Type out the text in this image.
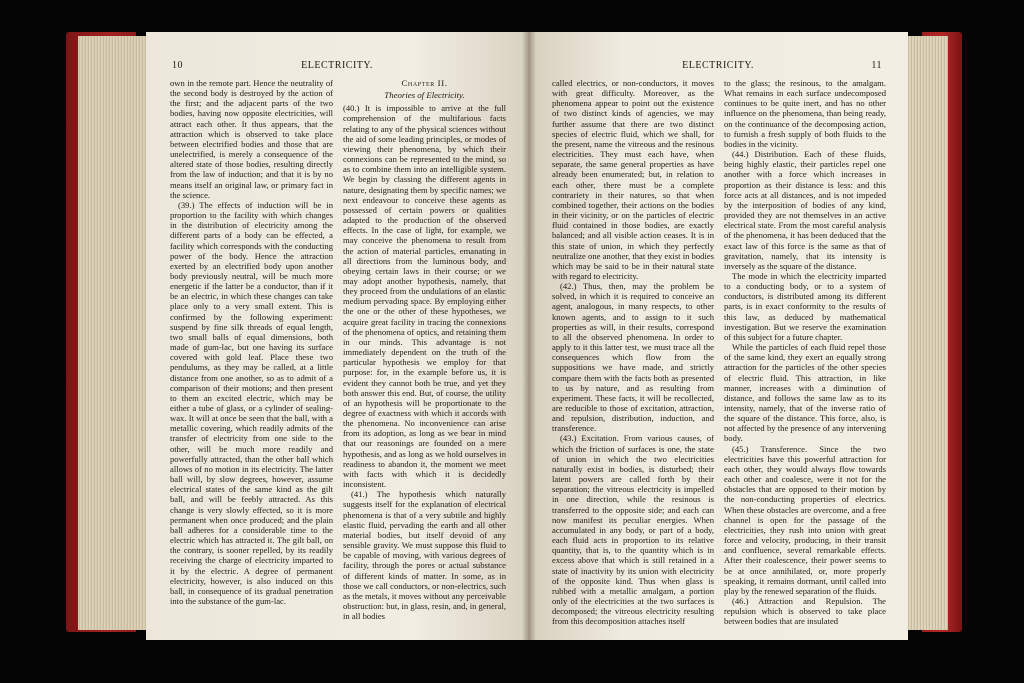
10	ELECTRICITY.

own in the remote part. Hence the neutrality of the second body is destroyed by the action of the first; and the adjacent parts of the two bodies, having now opposite electricities, will attract each other. It thus appears, that the attraction which is observed to take place between electrified bodies and those that are unelectrified, is merely a consequence of the altered state of those bodies, resulting directly from the law of induction; and that it is by no means itself an original law, or primary fact in the science.

(39.) The effects of induction will be in proportion to the facility with which changes in the distribution of electricity among the different parts of a body can be effected, a facility which corresponds with the conducting power of the body. Hence the attraction exerted by an electrified body upon another body previously neutral, will be much more energetic if the latter be a conductor, than if it be an electric, in which these changes can take place only to a very small extent. This is confirmed by the following experiment: suspend by fine silk threads of equal length, two small balls of equal dimensions, both made of gum-lac, but one having its surface covered with gold leaf. Place these two pendulums, as they may be called, at a little distance from one another, so as to admit of a comparison of their motions; and then present to them an excited electric, which may be either a tube of glass, or a cylinder of sealing-wax. It will at once be seen that the ball, with a metallic covering, which readily admits of the transfer of electricity from one side to the other, will be much more readily and powerfully attracted, than the other ball which allows of no motion in its electricity. The latter ball will, by slow degrees, however, assume electrical states of the same kind as the gilt ball, and will be feebly attracted. As this change is very slowly effected, so it is more permanent when once produced; and the plain ball adheres for a considerable time to the electric which has attracted it. The gilt ball, on the contrary, is sooner repelled, by its readily receiving the charge of electricity imparted to it by the electric. A degree of permanent electricity, however, is also induced on this ball, in consequence of its gradual penetration into the substance of the gum-lac.

Chapter II.
Theories of Electricity.

(40.) It is impossible to arrive at the full comprehension of the multifarious facts relating to any of the physical sciences without the aid of some leading principles, or modes of viewing their phenomena, by which their connexions can be represented to the mind, so as to combine them into an intelligible system. We begin by classing the different agents in nature, designating them by specific names; we next endeavour to conceive these agents as possessed of certain powers or qualities adapted to the production of the observed effects. In the case of light, for example, we may conceive the phenomena to result from the action of material particles, emanating in all directions from the luminous body, and obeying certain laws in their course; or we may adopt another hypothesis, namely, that they proceed from the undulations of an elastic medium pervading space. By employing either the one or the other of these hypotheses, we acquire great facility in tracing the connexions of the phenomena of optics, and retaining them in our minds. This advantage is not immediately dependent on the truth of the particular hypothesis we employ for that purpose: for, in the example before us, it is evident they cannot both be true, and yet they both answer this end. But, of course, the utility of an hypothesis will be proportionate to the degree of exactness with which it accords with the phenomena. No inconvenience can arise from its adoption, as long as we bear in mind that our reasonings are founded on a mere hypothesis, and as long as we hold ourselves in readiness to abandon it, the moment we meet with facts with which it is decidedly inconsistent.

(41.) The hypothesis which naturally suggests itself for the explanation of electrical phenomena is that of a very subtile and highly elastic fluid, pervading the earth and all other material bodies, but itself devoid of any sensible gravity. We must suppose this fluid to be capable of moving, with various degrees of facility, through the pores or actual substance of different kinds of matter. In some, as in those we call conductors, or non-electrics, such as the metals, it moves without any perceivable obstruction: but, in glass, resin, and, in general, in all bodies

ELECTRICITY.	11

called electrics, or non-conductors, it moves with great difficulty. Moreover, as the phenomena appear to point out the existence of two distinct kinds of agencies, we may further assume that there are two distinct species of electric fluid, which we shall, for the present, name the vitreous and the resinous electricities. They must each have, when separate, the same general properties as have already been enumerated; but, in relation to each other, there must be a complete contrariety in their natures, so that when combined together, their actions on the bodies in their vicinity, or on the particles of electric fluid contained in those bodies, are exactly balanced; and all visible action ceases. It is in this state of union, in which they perfectly neutralize one another, that they exist in bodies which may be said to be in their natural state with regard to electricity.

(42.) Thus, then, may the problem be solved, in which it is required to conceive an agent, analogous, in many respects, to other known agents, and to assign to it such properties as will, in their results, correspond to all the observed phenomena. In order to apply to it this latter test, we must trace all the consequences which flow from the suppositions we have made, and strictly compare them with the facts both as presented to us by nature, and as resulting from experiment. These facts, it will be recollected, are reducible to those of excitation, attraction, and repulsion, distribution, induction, and transference.

(43.) Excitation. From various causes, of which the friction of surfaces is one, the state of union in which the two electricities naturally exist in bodies, is disturbed; their latent powers are called forth by their separation; the vitreous electricity is impelled in one direction, while the resinous is transferred to the opposite side; and each can now manifest its peculiar energies. When accumulated in any body, or part of a body, each fluid acts in proportion to its relative quantity, that is, to the quantity which is in excess above that which is still retained in a state of inactivity by its union with electricity of the opposite kind. Thus when glass is rubbed with a metallic amalgam, a portion only of the electricities at the two surfaces is decomposed; the vitreous electricity resulting from this decomposition attaches itself

to the glass; the resinous, to the amalgam. What remains in each surface undecomposed continues to be quite inert, and has no other influence on the phenomena, than being ready, on the continuance of the decomposing action, to furnish a fresh supply of both fluids to the bodies in the vicinity.

(44.) Distribution. Each of these fluids, being highly elastic, their particles repel one another with a force which increases in proportion as their distance is less: and this force acts at all distances, and is not impeded by the interposition of bodies of any kind, provided they are not themselves in an active electrical state. From the most careful analysis of the phenomena, it has been deduced that the exact law of this force is the same as that of gravitation, namely, that its intensity is inversely as the square of the distance.

The mode in which the electricity imparted to a conducting body, or to a system of conductors, is distributed among its different parts, is in exact conformity to the results of this law, as deduced by mathematical investigation. But we reserve the examination of this subject for a future chapter.

While the particles of each fluid repel those of the same kind, they exert an equally strong attraction for the particles of the other species of electric fluid. This attraction, in like manner, increases with a diminution of distance, and follows the same law as to its intensity, namely, that of the inverse ratio of the square of the distance. This force, also, is not affected by the presence of any intervening body.

(45.) Transference. Since the two electricities have this powerful attraction for each other, they would always flow towards each other and coalesce, were it not for the obstacles that are opposed to their motion by the non-conducting properties of electrics. When these obstacles are overcome, and a free channel is open for the passage of the electricities, they rush into union with great force and velocity, producing, in their transit and confluence, several remarkable effects. After their coalescence, their power seems to be at once annihilated, or, more properly speaking, it remains dormant, until called into play by the renewed separation of the fluids.

(46.) Attraction and Repulsion. The repulsion which is observed to take place between bodies that are insulated
